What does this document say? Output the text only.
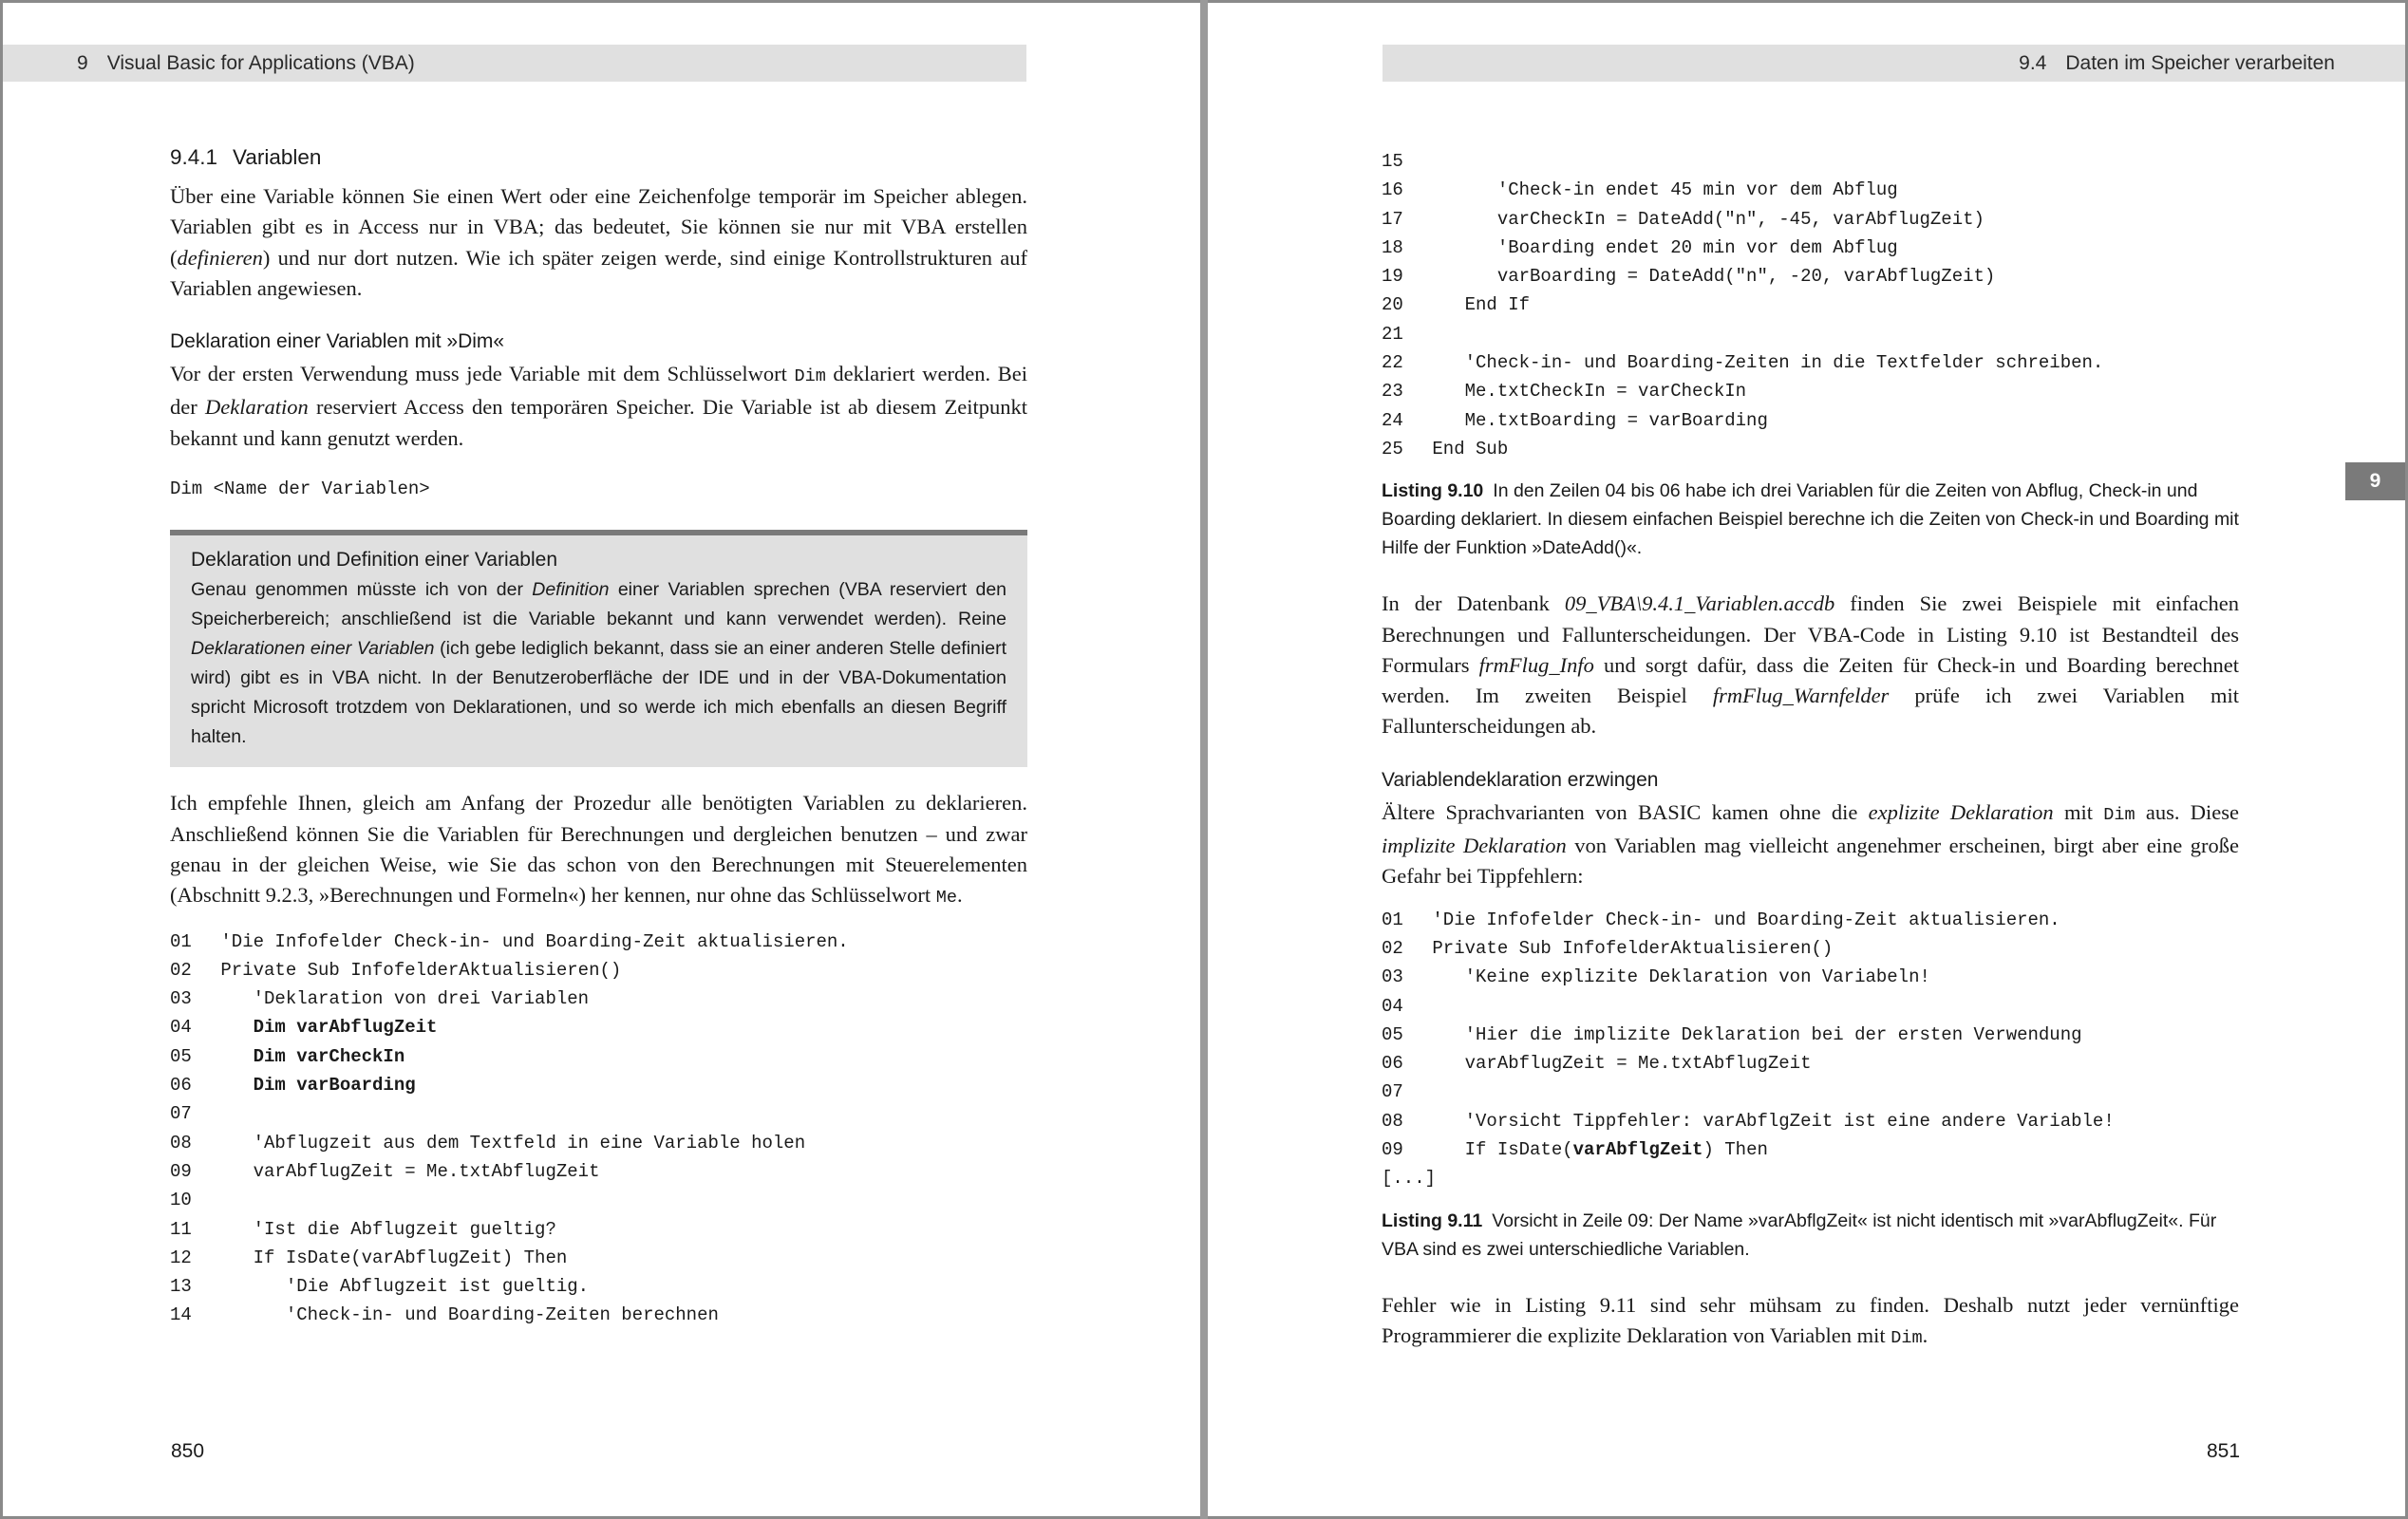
9 Visual Basic for Applications (VBA)
9.4.1 Variablen

Über eine Variable können Sie einen Wert oder eine Zeichenfolge temporär im Speicher ablegen. Variablen gibt es in Access nur in VBA; das bedeutet, Sie können sie nur mit VBA erstellen (definieren) und nur dort nutzen. Wie ich später zeigen werde, sind einige Kontrollstrukturen auf Variablen angewiesen.

Deklaration einer Variablen mit »Dim«

Vor der ersten Verwendung muss jede Variable mit dem Schlüsselwort Dim deklariert werden. Bei der Deklaration reserviert Access den temporären Speicher. Die Variable ist ab diesem Zeitpunkt bekannt und kann genutzt werden.

Dim <Name der Variablen>
Deklaration und Definition einer Variablen
Genau genommen müsste ich von der Definition einer Variablen sprechen (VBA reserviert den Speicherbereich; anschließend ist die Variable bekannt und kann verwendet werden). Reine Deklarationen einer Variablen (ich gebe lediglich bekannt, dass sie an einer anderen Stelle definiert wird) gibt es in VBA nicht. In der Benutzeroberfläche der IDE und in der VBA-Dokumentation spricht Microsoft trotzdem von Deklarationen, und so werde ich mich ebenfalls an diesen Begriff halten.

Ich empfehle Ihnen, gleich am Anfang der Prozedur alle benötigten Variablen zu deklarieren. Anschließend können Sie die Variablen für Berechnungen und dergleichen benutzen – und zwar genau in der gleichen Weise, wie Sie das schon von den Berechnungen mit Steuerelementen (Abschnitt 9.2.3, »Berechnungen und Formeln«) her kennen, nur ohne das Schlüsselwort Me.

01 'Die Infofelder Check-in- und Boarding-Zeit aktualisieren.
02 Private Sub InfofelderAktualisieren()
03    'Deklaration von drei Variablen
04	Dim varAbflugZeit
05	Dim varCheckIn
06	Dim varBoarding
07
08    'Abflugzeit aus dem Textfeld in eine Variable holen
09    varAbflugZeit = Me.txtAbflugZeit
10
11    'Ist die Abflugzeit gueltig?
12    If IsDate(varAbflugZeit) Then
13       'Die Abflugzeit ist gueltig.
14       'Check-in- und Boarding-Zeiten berechnen
850
9.4 Daten im Speicher verarbeiten
9
15
16       'Check-in endet 45 min vor dem Abflug
17       varCheckIn = DateAdd("n", -45, varAbflugZeit)
18       'Boarding endet 20 min vor dem Abflug
19       varBoarding = DateAdd("n", -20, varAbflugZeit)
20    End If
21
22    'Check-in- und Boarding-Zeiten in die Textfelder schreiben.
23    Me.txtCheckIn = varCheckIn
24    Me.txtBoarding = varBoarding
25 End Sub
Listing 9.10 In den Zeilen 04 bis 06 habe ich drei Variablen für die Zeiten von Abflug, Check-in und Boarding deklariert. In diesem einfachen Beispiel berechne ich die Zeiten von Check-in und Boarding mit Hilfe der Funktion »DateAdd()«.

In der Datenbank 09_VBA\9.4.1_Variablen.accdb finden Sie zwei Beispiele mit einfachen Berechnungen und Fallunterscheidungen. Der VBA-Code in Listing 9.10 ist Bestandteil des Formulars frmFlug_Info und sorgt dafür, dass die Zeiten für Check-in und Boarding berechnet werden. Im zweiten Beispiel frmFlug_Warnfelder prüfe ich zwei Variablen mit Fallunterscheidungen ab.

Variablendeklaration erzwingen

Ältere Sprachvarianten von BASIC kamen ohne die explizite Deklaration mit Dim aus. Diese implizite Deklaration von Variablen mag vielleicht angenehmer erscheinen, birgt aber eine große Gefahr bei Tippfehlern:

01 'Die Infofelder Check-in- und Boarding-Zeit aktualisieren.
02 Private Sub InfofelderAktualisieren()
03    'Keine explizite Deklaration von Variabeln!
04
05    'Hier die implizite Deklaration bei der ersten Verwendung
06    varAbflugZeit = Me.txtAbflugZeit
07
08    'Vorsicht Tippfehler: varAbflgZeit ist eine andere Variable!
09    If IsDate(varAbflgZeit) Then
[...]
Listing 9.11 Vorsicht in Zeile 09: Der Name »varAbflgZeit« ist nicht identisch mit »varAbflugZeit«. Für VBA sind es zwei unterschiedliche Variablen.

Fehler wie in Listing 9.11 sind sehr mühsam zu finden. Deshalb nutzt jeder vernünftige Programmierer die explizite Deklaration von Variablen mit Dim.

851
